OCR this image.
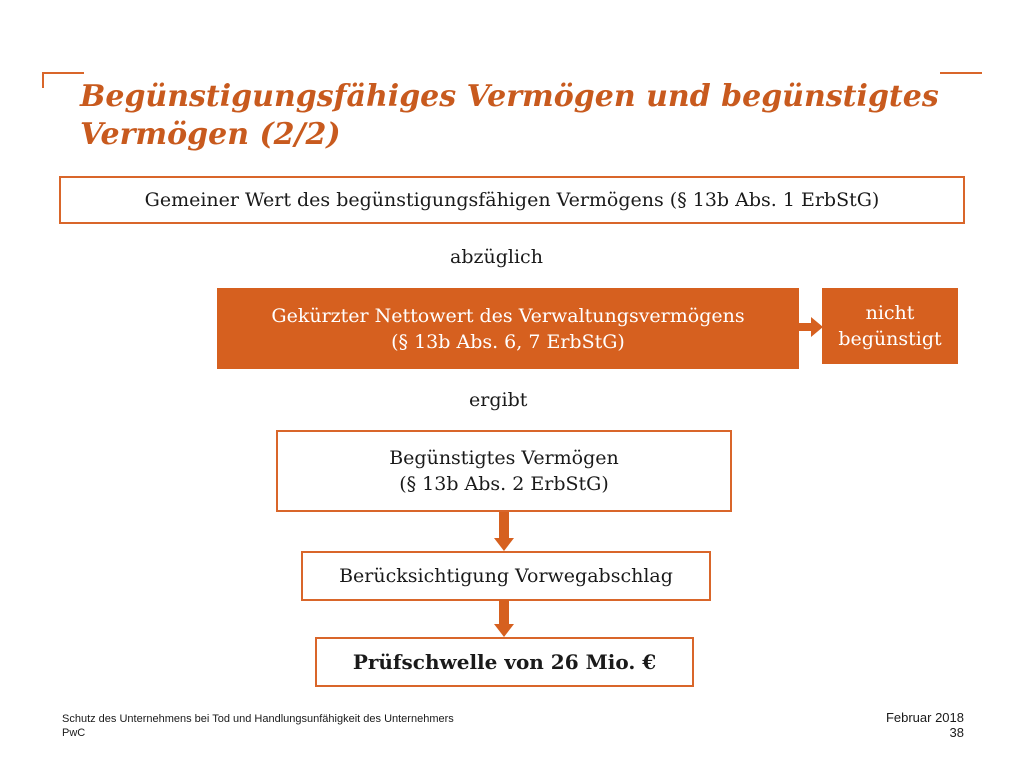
Begünstigungsfähiges Vermögen und begünstigtes Vermögen (2/2)
Gemeiner Wert des begünstigungsfähigen Vermögens (§ 13b Abs. 1 ErbStG)
abzüglich
Gekürzter Nettowert des Verwaltungsvermögens
(§ 13b Abs. 6, 7 ErbStG)
nicht
begünstigt
ergibt
Begünstigtes Vermögen
(§ 13b Abs. 2 ErbStG)
Berücksichtigung Vorwegabschlag
Prüfschwelle von 26 Mio. €
Schutz des Unternehmens bei Tod und Handlungsunfähigkeit des Unternehmers
PwC
Februar 2018
38
